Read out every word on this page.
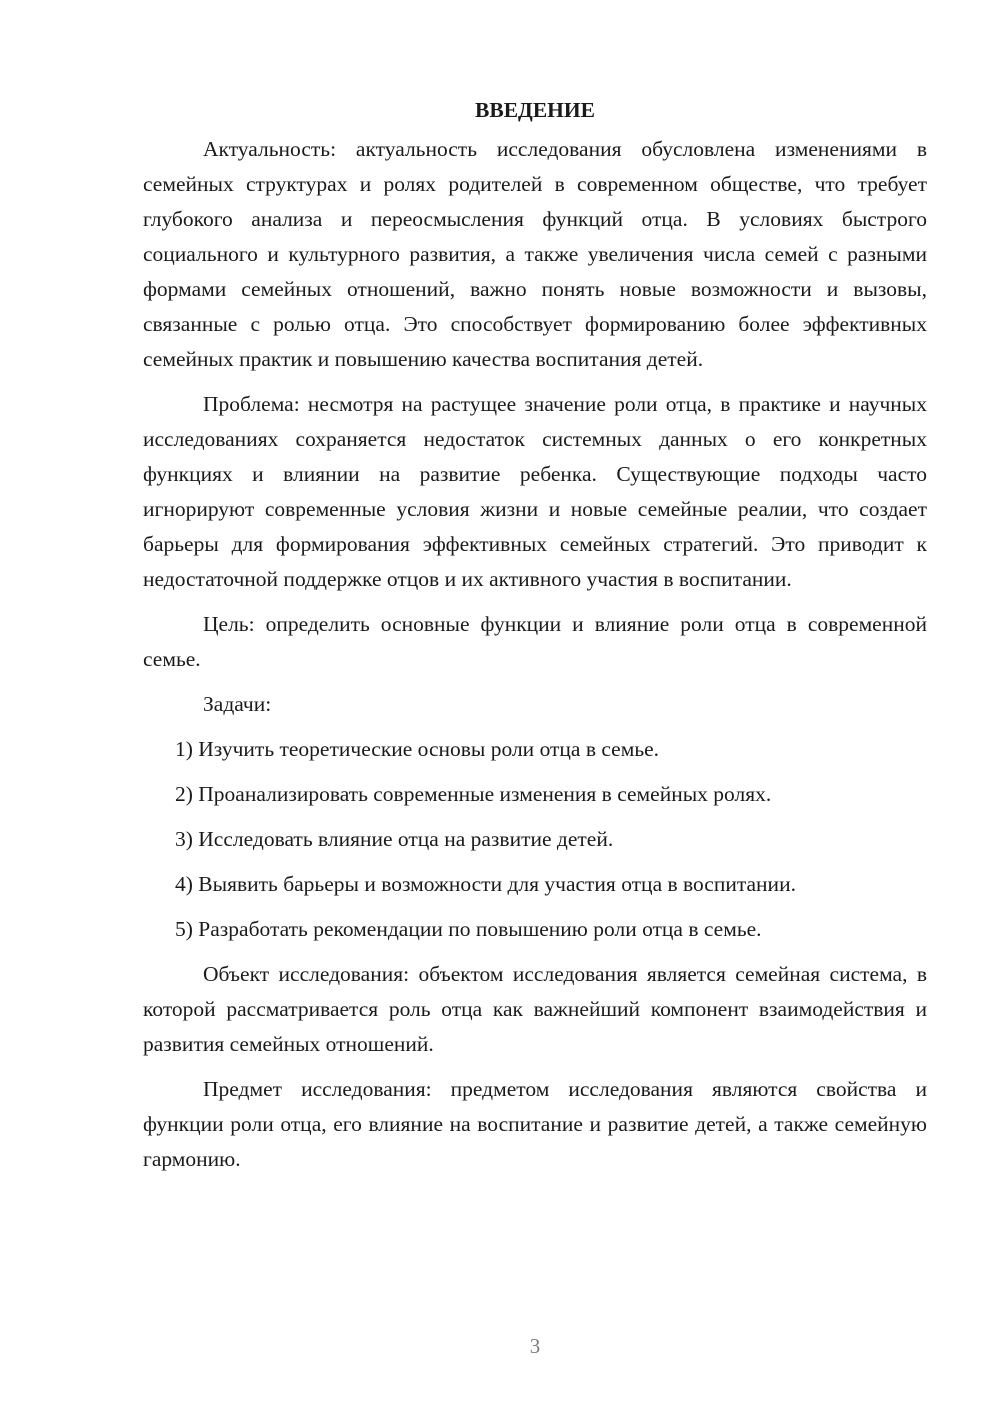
ВВЕДЕНИЕ

Актуальность: актуальность исследования обусловлена изменениями в семейных структурах и ролях родителей в современном обществе, что требует глубокого анализа и переосмысления функций отца. В условиях быстрого социального и культурного развития, а также увеличения числа семей с разными формами семейных отношений, важно понять новые возможности и вызовы, связанные с ролью отца. Это способствует формированию более эффективных семейных практик и повышению качества воспитания детей.

Проблема: несмотря на растущее значение роли отца, в практике и научных исследованиях сохраняется недостаток системных данных о его конкретных функциях и влиянии на развитие ребенка. Существующие подходы часто игнорируют современные условия жизни и новые семейные реалии, что создает барьеры для формирования эффективных семейных стратегий. Это приводит к недостаточной поддержке отцов и их активного участия в воспитании.

Цель: определить основные функции и влияние роли отца в современной семье.

Задачи:

1) Изучить теоретические основы роли отца в семье.
2) Проанализировать современные изменения в семейных ролях.
3) Исследовать влияние отца на развитие детей.
4) Выявить барьеры и возможности для участия отца в воспитании.
5) Разработать рекомендации по повышению роли отца в семье.

Объект исследования: объектом исследования является семейная система, в которой рассматривается роль отца как важнейший компонент взаимодействия и развития семейных отношений.

Предмет исследования: предметом исследования являются свойства и функции роли отца, его влияние на воспитание и развитие детей, а также семейную гармонию.

3
